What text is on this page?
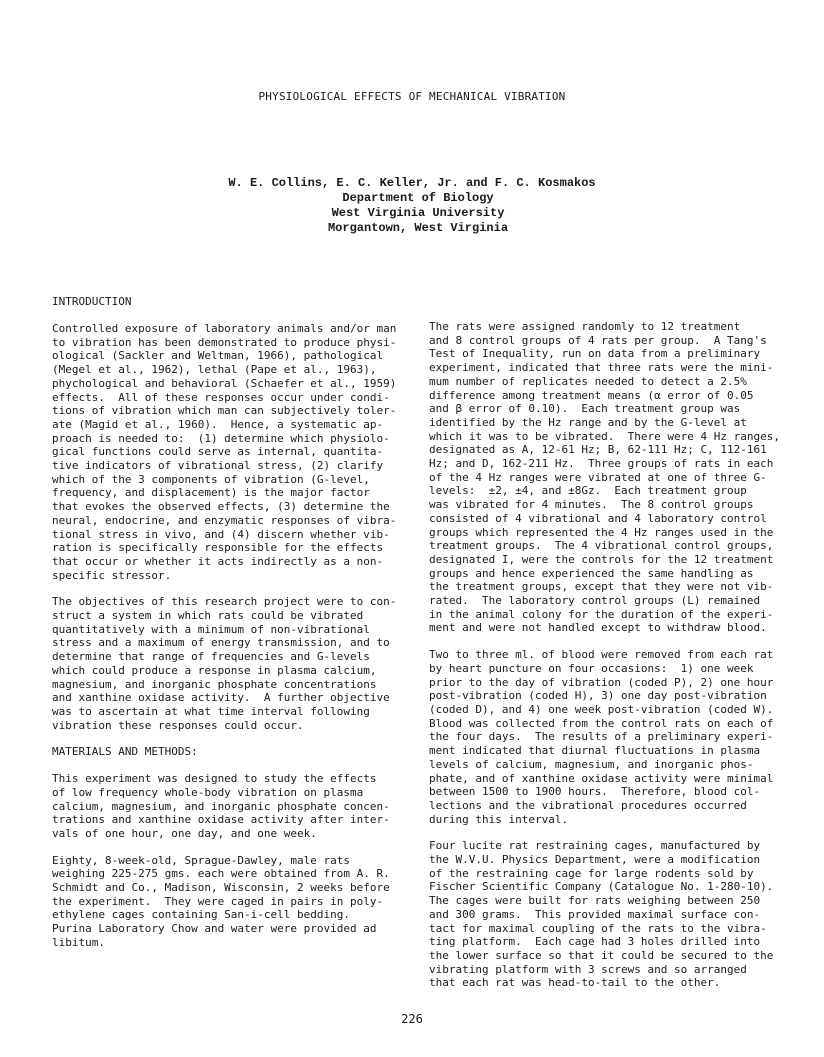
PHYSIOLOGICAL EFFECTS OF MECHANICAL VIBRATION
W. E. Collins, E. C. Keller, Jr. and F. C. Kosmakos
Department of Biology
West Virginia University
Morgantown, West Virginia
INTRODUCTION

Controlled exposure of laboratory animals and/or man

to vibration has been demonstrated to produce physi-

ological (Sackler and Weltman, 1966), pathological

(Megel et al., 1962), lethal (Pape et al., 1963),

phychological and behavioral (Schaefer et al., 1959)

effects.  All of these responses occur under condi-

tions of vibration which man can subjectively toler-

ate (Magid et al., 1960).  Hence, a systematic ap-

proach is needed to:  (1) determine which physiolo-

gical functions could serve as internal, quantita-

tive indicators of vibrational stress, (2) clarify

which of the 3 components of vibration (G-level,

frequency, and displacement) is the major factor

that evokes the observed effects, (3) determine the

neural, endocrine, and enzymatic responses of vibra-

tional stress in vivo, and (4) discern whether vib-

ration is specifically responsible for the effects

that occur or whether it acts indirectly as a non-

specific stressor.

The objectives of this research project were to con-

struct a system in which rats could be vibrated

quantitatively with a minimum of non-vibrational

stress and a maximum of energy transmission, and to

determine that range of frequencies and G-levels

which could produce a response in plasma calcium,

magnesium, and inorganic phosphate concentrations

and xanthine oxidase activity.  A further objective

was to ascertain at what time interval following

vibration these responses could occur.

MATERIALS AND METHODS:

This experiment was designed to study the effects

of low frequency whole-body vibration on plasma

calcium, magnesium, and inorganic phosphate concen-

trations and xanthine oxidase activity after inter-

vals of one hour, one day, and one week.

Eighty, 8-week-old, Sprague-Dawley, male rats

weighing 225-275 gms. each were obtained from A. R.

Schmidt and Co., Madison, Wisconsin, 2 weeks before

the experiment.  They were caged in pairs in poly-

ethylene cages containing San-i-cell bedding.

Purina Laboratory Chow and water were provided ad

libitum.

The rats were assigned randomly to 12 treatment

and 8 control groups of 4 rats per group.  A Tang's

Test of Inequality, run on data from a preliminary

experiment, indicated that three rats were the mini-

mum number of replicates needed to detect a 2.5%

difference among treatment means (α error of 0.05

and β error of 0.10).  Each treatment group was

identified by the Hz range and by the G-level at

which it was to be vibrated.  There were 4 Hz ranges,

designated as A, 12-61 Hz; B, 62-111 Hz; C, 112-161

Hz; and D, 162-211 Hz.  Three groups of rats in each

of the 4 Hz ranges were vibrated at one of three G-

levels:  ±2, ±4, and ±8Gz.  Each treatment group

was vibrated for 4 minutes.  The 8 control groups

consisted of 4 vibrational and 4 laboratory control

groups which represented the 4 Hz ranges used in the

treatment groups.  The 4 vibrational control groups,

designated I, were the controls for the 12 treatment

groups and hence experienced the same handling as

the treatment groups, except that they were not vib-

rated.  The laboratory control groups (L) remained

in the animal colony for the duration of the experi-

ment and were not handled except to withdraw blood.

Two to three ml. of blood were removed from each rat

by heart puncture on four occasions:  1) one week

prior to the day of vibration (coded P), 2) one hour

post-vibration (coded H), 3) one day post-vibration

(coded D), and 4) one week post-vibration (coded W).

Blood was collected from the control rats on each of

the four days.  The results of a preliminary experi-

ment indicated that diurnal fluctuations in plasma

levels of calcium, magnesium, and inorganic phos-

phate, and of xanthine oxidase activity were minimal

between 1500 to 1900 hours.  Therefore, blood col-

lections and the vibrational procedures occurred

during this interval.

Four lucite rat restraining cages, manufactured by

the W.V.U. Physics Department, were a modification

of the restraining cage for large rodents sold by

Fischer Scientific Company (Catalogue No. 1-280-10).

The cages were built for rats weighing between 250

and 300 grams.  This provided maximal surface con-

tact for maximal coupling of the rats to the vibra-

ting platform.  Each cage had 3 holes drilled into

the lower surface so that it could be secured to the

vibrating platform with 3 screws and so arranged

that each rat was head-to-tail to the other.

226
